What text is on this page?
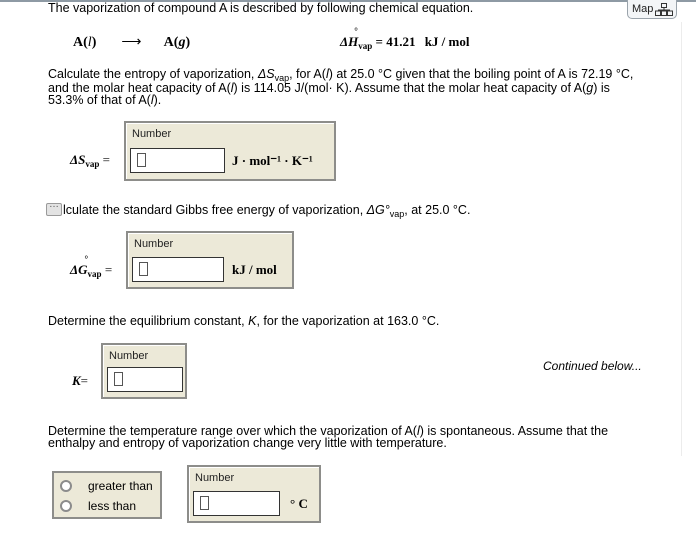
Map
The vaporization of compound A is described by following chemical equation.
A(l)  ⟶ A(g)	ΔH
°
$_{vap}$ = 41.21 kJ / mol
Calculate the entropy of vaporization, $\Delta S_{vap}$, for A(l) at 25.0 °C given that the boiling point of A is 72.19 °C,
and the molar heat capacity of A(l) is 114.05 J/(mol· K). Assume that the molar heat capacity of A(g) is
53.3% of that of A(l).
$\Delta S_{vap}$ =
Number
J · mol⁻¹ · K⁻¹
…
lculate the standard Gibbs free energy of vaporization, $\Delta G^\circ_{vap}$, at 25.0 °C.
ΔG
°
$_{vap}$ =
Number
kJ / mol
Determine the equilibrium constant, K, for the vaporization at 163.0 °C.
K=
Number
Continued below...
Determine the temperature range over which the vaporization of A(l) is spontaneous. Assume that the
enthalpy and entropy of vaporization change very little with temperature.
greater than
less than
Number
° C
